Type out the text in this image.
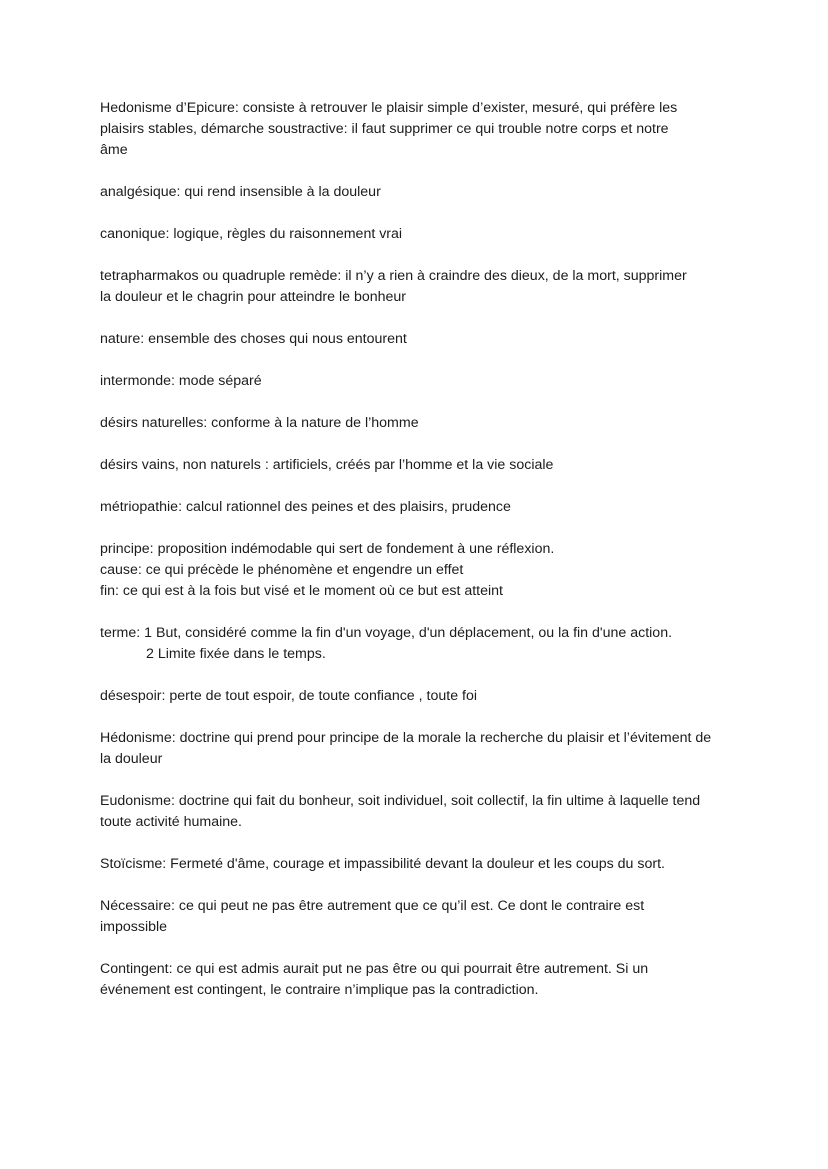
Hedonisme d’Epicure: consiste à retrouver le plaisir simple d’exister, mesuré, qui préfère les
plaisirs stables, démarche soustractive: il faut supprimer ce qui trouble notre corps et notre
âme

analgésique: qui rend insensible à la douleur

canonique: logique, règles du raisonnement vrai

tetrapharmakos ou quadruple remède: il n’y a rien à craindre des dieux, de la mort, supprimer
la douleur et le chagrin pour atteindre le bonheur

nature: ensemble des choses qui nous entourent

intermonde: mode séparé

désirs naturelles: conforme à la nature de l’homme

désirs vains, non naturels : artificiels, créés par l’homme et la vie sociale

métriopathie: calcul rationnel des peines et des plaisirs, prudence

principe: proposition indémodable qui sert de fondement à une réflexion.
cause: ce qui précède le phénomène et engendre un effet
fin: ce qui est à la fois but visé et le moment où ce but est atteint

terme: 1 But, considéré comme la fin d'un voyage, d'un déplacement, ou la fin d'une action.
2 Limite fixée dans le temps.

désespoir: perte de tout espoir, de toute confiance , toute foi

Hédonisme: doctrine qui prend pour principe de la morale la recherche du plaisir et l’évitement de
la douleur

Eudonisme: doctrine qui fait du bonheur, soit individuel, soit collectif, la fin ultime à laquelle tend
toute activité humaine.

Stoïcisme: Fermeté d'âme, courage et impassibilité devant la douleur et les coups du sort.

Nécessaire: ce qui peut ne pas être autrement que ce qu’il est. Ce dont le contraire est
impossible

Contingent: ce qui est admis aurait put ne pas être ou qui pourrait être autrement. Si un
événement est contingent, le contraire n’implique pas la contradiction.
